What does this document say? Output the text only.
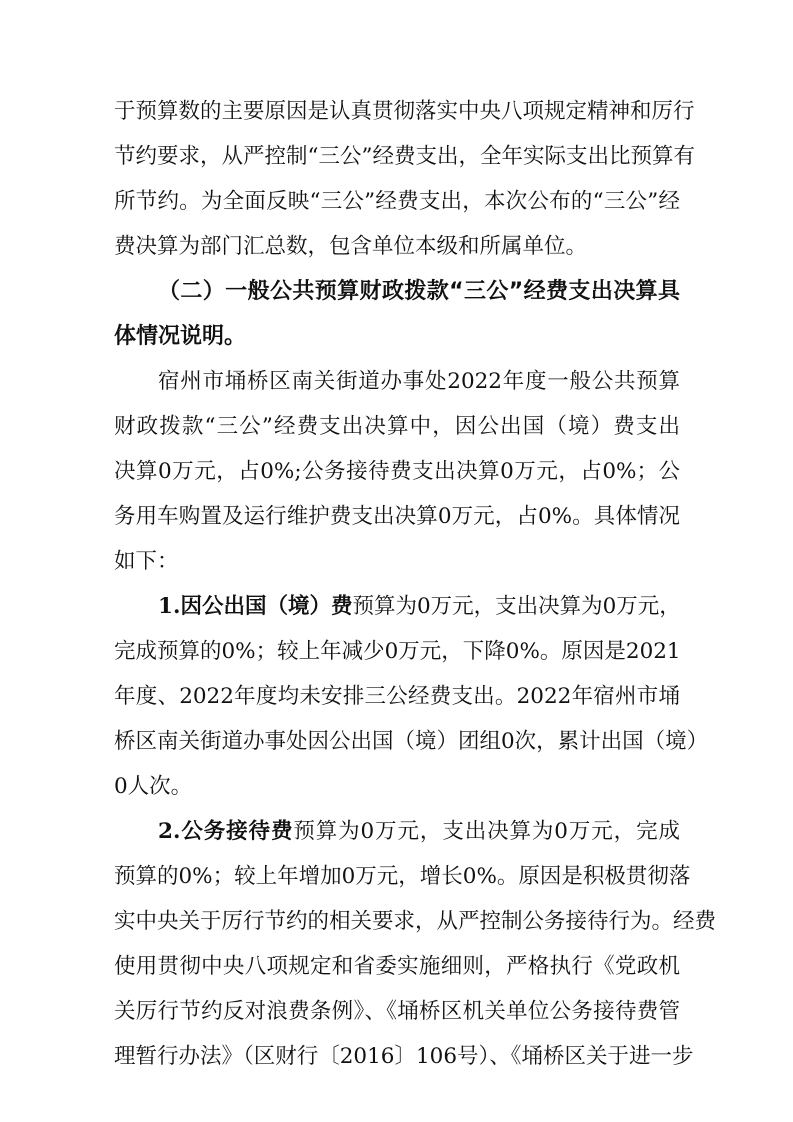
于预算数的主要原因是认真贯彻落实中央八项规定精神和厉行
节约要求，从严控制“三公”经费支出，全年实际支出比预算有
所节约。为全面反映“三公”经费支出，本次公布的“三公”经
费决算为部门汇总数，包含单位本级和所属单位。
（二）一般公共预算财政拨款“三公”经费支出决算具
体情况说明。
宿州市埇桥区南关街道办事处2022年度一般公共预算
财政拨款“三公”经费支出决算中，因公出国（境）费支出
决算0万元，占0%;公务接待费支出决算0万元，占0%；公
务用车购置及运行维护费支出决算0万元，占0%。具体情况
如下：
1.因公出国（境）费预算为0万元，支出决算为0万元，
完成预算的0%；较上年减少0万元，下降0%。原因是2021
年度、2022年度均未安排三公经费支出。2022年宿州市埇
桥区南关街道办事处因公出国（境）团组0次，累计出国（境）
0人次。
2.公务接待费预算为0万元，支出决算为0万元，完成
预算的0%；较上年增加0万元，增长0%。原因是积极贯彻落
实中央关于厉行节约的相关要求，从严控制公务接待行为。经费
使用贯彻中央八项规定和省委实施细则，严格执行《党政机
关厉行节约反对浪费条例》、《埇桥区机关单位公务接待费管
理暂行办法》（区财行〔2016〕106号）、《埇桥区关于进一步
